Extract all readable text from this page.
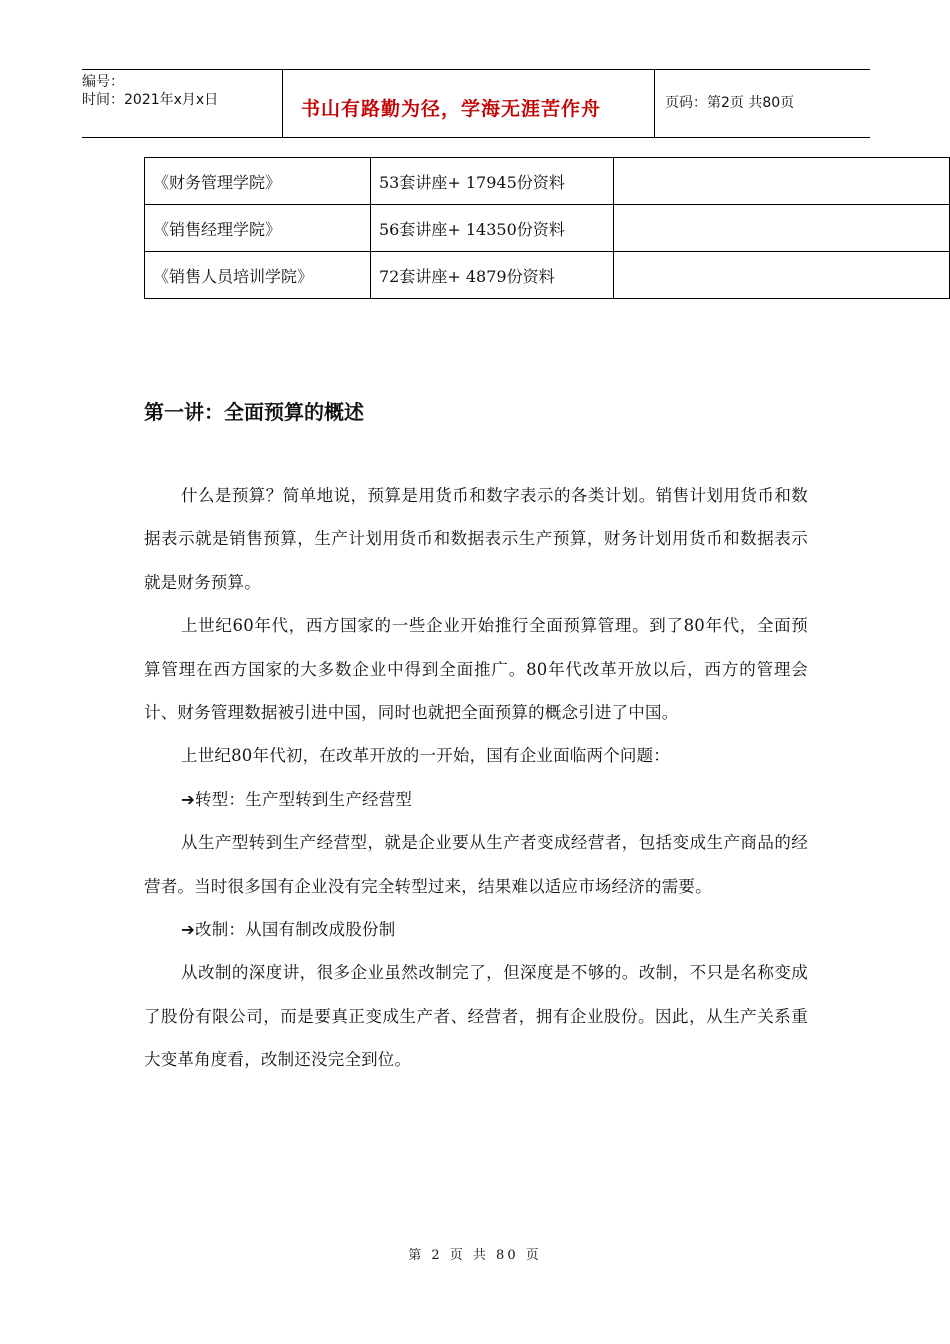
编号：
时间：2021年x月x日	书山有路勤为径，学海无涯苦作舟	页码：第2页 共80页
《财务管理学院》	53套讲座+ 17945份资料	
《销售经理学院》	56套讲座+ 14350份资料	
《销售人员培训学院》	72套讲座+ 4879份资料	
第一讲：全面预算的概述

什么是预算？简单地说，预算是用货币和数字表示的各类计划。销售计划用货币和数据表示就是销售预算，生产计划用货币和数据表示生产预算，财务计划用货币和数据表示就是财务预算。

上世纪60年代，西方国家的一些企业开始推行全面预算管理。到了80年代，全面预算管理在西方国家的大多数企业中得到全面推广。80年代改革开放以后，西方的管理会计、财务管理数据被引进中国，同时也就把全面预算的概念引进了中国。

上世纪80年代初，在改革开放的一开始，国有企业面临两个问题：

➔转型：生产型转到生产经营型

从生产型转到生产经营型，就是企业要从生产者变成经营者，包括变成生产商品的经营者。当时很多国有企业没有完全转型过来，结果难以适应市场经济的需要。

➔改制：从国有制改成股份制

从改制的深度讲，很多企业虽然改制完了，但深度是不够的。改制，不只是名称变成了股份有限公司，而是要真正变成生产者、经营者，拥有企业股份。因此，从生产关系重大变革角度看，改制还没完全到位。

第 2 页 共 80 页
